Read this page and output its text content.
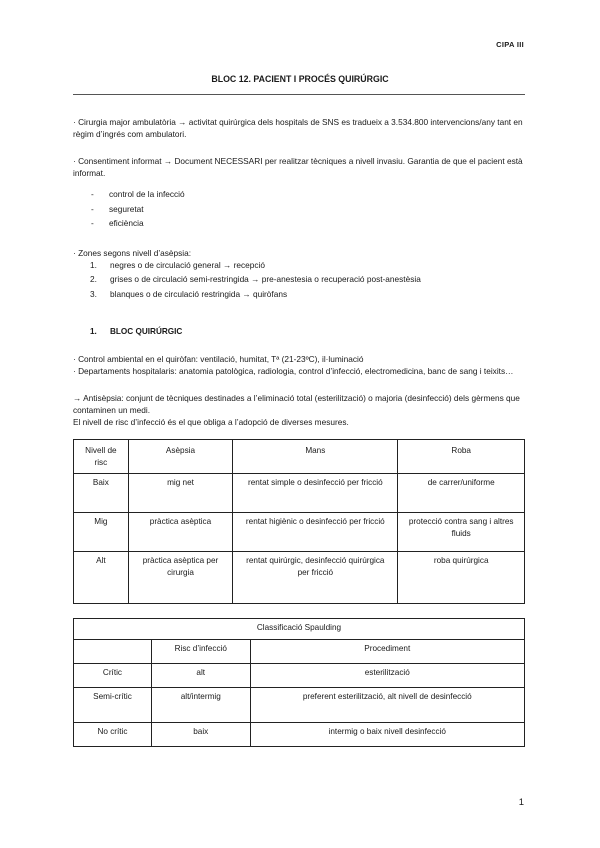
CIPA III
BLOC 12. PACIENT I PROCÉS QUIRÚRGIC

· Cirurgia major ambulatòria → activitat quirúrgica dels hospitals de SNS es tradueix a 3.534.800 intervencions/any tant en règim d’ingrés com ambulatori.

· Consentiment informat → Document NECESSARI per realitzar tècniques a nivell invasiu. Garantia de que el pacient està informat.

-	control de la infecció
-	seguretat
-	eficiència

· Zones segons nivell d’asèpsia:

1.	negres o de circulació general → recepció
2.	grises o de circulació semi-restringida → pre-anestesia o recuperació post-anestèsia
3.	blanques o de circulació restringida → quiròfans
1.	BLOC QUIRÚRGIC

· Control ambiental en el quiròfan: ventilació, humitat, Tª (21-23ºC), il·luminació

· Departaments hospitalaris: anatomia patològica, radiologia, control d’infecció, electromedicina, banc de sang i teixits…

→ Antisèpsia: conjunt de tècniques destinades a l’eliminació total (esterilització) o majoria (desinfecció) dels gèrmens que contaminen un medi.

El nivell de risc d’infecció és el que obliga a l’adopció de diverses mesures.

Nivell de risc	Asèpsia	Mans	Roba
Baix	mig net	rentat simple o desinfecció per fricció	de carrer/uniforme
Mig	pràctica asèptica	rentat higiènic o desinfecció per fricció	protecció contra sang i altres fluids
Alt	pràctica asèptica per cirurgia	rentat quirúrgic, desinfecció quirúrgica per fricció	roba quirúrgica
Classificació Spaulding		
	Risc d’infecció	Procediment
Crític	alt	esterilització
Semi-crític	alt/intermig	preferent esterilització, alt nivell de desinfecció
No crític	baix	intermig o baix nivell desinfecció
1
